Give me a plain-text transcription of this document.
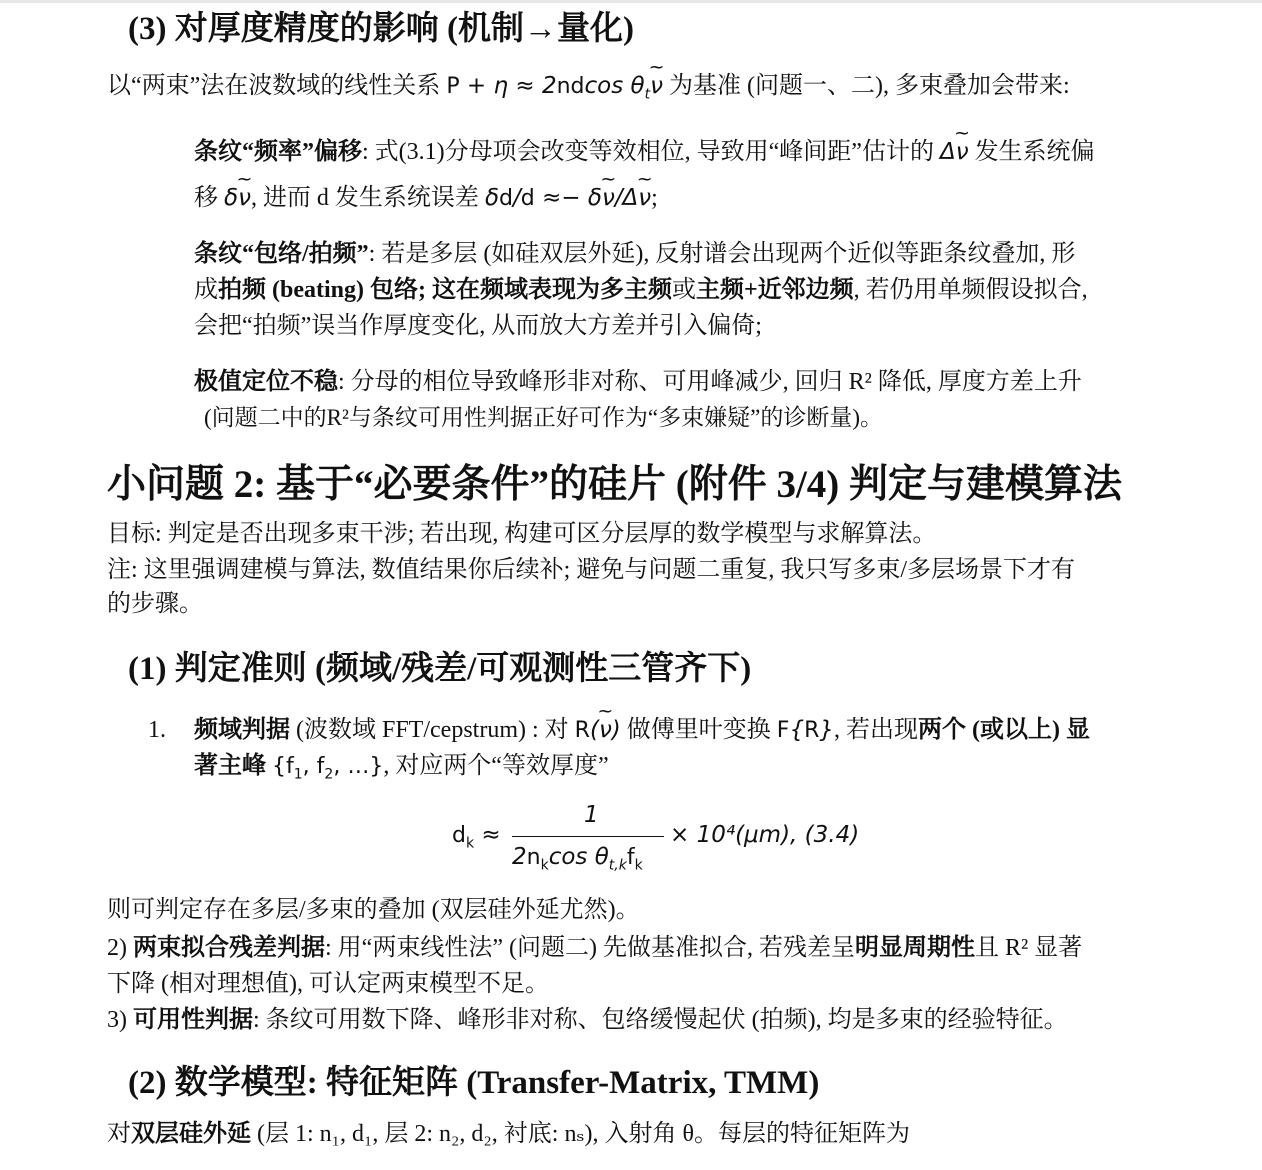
(3) 对厚度精度的影响 (机制→量化)
以“两束”法在波数域的线性关系 P + η ≈ 2ndcos $\theta_t\sim$ ν 为基准 (问题一、二), 多束叠加会带来:
条纹“频率”偏移: 式(3.1)分母项会改变等效相位, 导致用“峰间距”估计的 Δ~ ν 发生系统偏
移 δ~ ν, 进而 d 发生系统误差 δd/d ≈− δ~ ν/Δ~ ν;
条纹“包络/拍频”: 若是多层 (如硅双层外延), 反射谱会出现两个近似等距条纹叠加, 形
成拍频 (beating) 包络; 这在频域表现为多主频或主频+近邻边频, 若仍用单频假设拟合,
会把“拍频”误当作厚度变化, 从而放大方差并引入偏倚;
极值定位不稳: 分母的相位导致峰形非对称、可用峰减少, 回归 R² 降低, 厚度方差上升
(问题二中的R²与条纹可用性判据正好可作为“多束嫌疑”的诊断量)。
小问题 2: 基于“必要条件”的硅片 (附件 3/4) 判定与建模算法
目标: 判定是否出现多束干涉; 若出现, 构建可区分层厚的数学模型与求解算法。
注: 这里强调建模与算法, 数值结果你后续补; 避免与问题二重复, 我只写多束/多层场景下才有
的步骤。
(1) 判定准则 (频域/残差/可观测性三管齐下)
1. 频域判据 (波数域 FFT/cepstrum) : 对 R(~ ν) 做傅里叶变换 F{R}, 若出现两个 (或以上) 显
著主峰 {$f_1$, $f_2$, …}, 对应两个“等效厚度”
$d_k$ ≈
1
$2n_k\cos$ $\theta_{t,k}f_k$
× 10⁴(μm), (3.4)
则可判定存在多层/多束的叠加 (双层硅外延尤然)。
2) 两束拟合残差判据: 用“两束线性法” (问题二) 先做基准拟合, 若残差呈明显周期性且 R² 显著
下降 (相对理想值), 可认定两束模型不足。
3) 可用性判据: 条纹可用数下降、峰形非对称、包络缓慢起伏 (拍频), 均是多束的经验特征。
(2) 数学模型: 特征矩阵 (Transfer-Matrix, TMM)
对双层硅外延 (层 1: n₁, d₁, 层 2: n₂, d₂, 衬底: nₛ), 入射角 θ。每层的特征矩阵为
